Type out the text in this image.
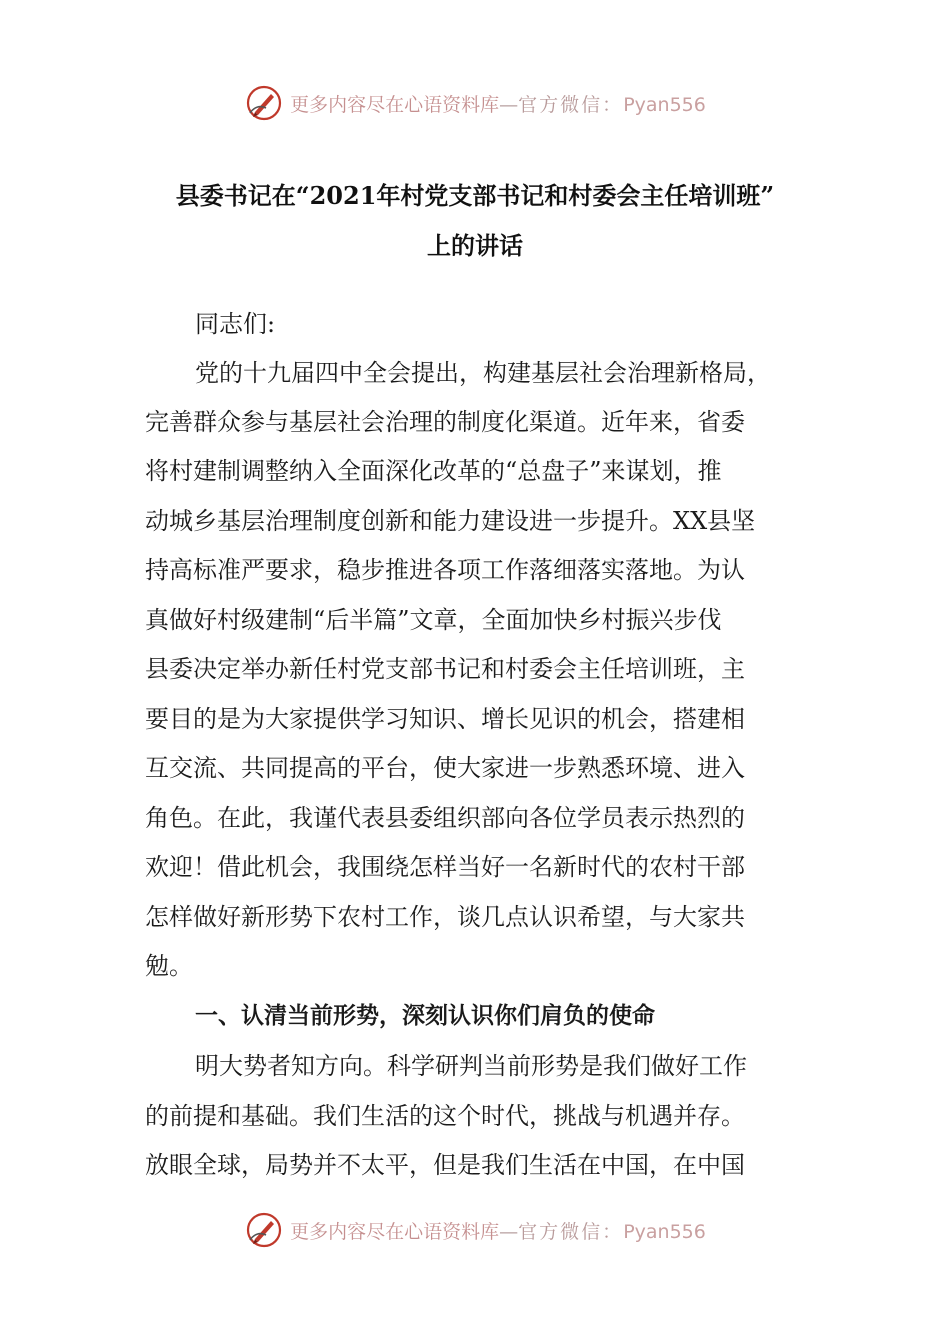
更多内容尽在心语资料库—官方微信：Pyan556
县委书记在“2021年村党支部书记和村委会主任培训班”
上的讲话
同志们:
党的十九届四中全会提出，构建基层社会治理新格局，
完善群众参与基层社会治理的制度化渠道。近年来，省委
将村建制调整纳入全面深化改革的“总盘子”来谋划，推
动城乡基层治理制度创新和能力建设进一步提升。XX县坚
持高标准严要求，稳步推进各项工作落细落实落地。为认
真做好村级建制“后半篇”文章，全面加快乡村振兴步伐
县委决定举办新任村党支部书记和村委会主任培训班，主
要目的是为大家提供学习知识、增长见识的机会，搭建相
互交流、共同提高的平台，使大家进一步熟悉环境、进入
角色。在此，我谨代表县委组织部向各位学员表示热烈的
欢迎！借此机会，我围绕怎样当好一名新时代的农村干部
怎样做好新形势下农村工作，谈几点认识希望，与大家共
勉。
一、认清当前形势，深刻认识你们肩负的使命
明大势者知方向。科学研判当前形势是我们做好工作
的前提和基础。我们生活的这个时代，挑战与机遇并存。
放眼全球，局势并不太平，但是我们生活在中国，在中国
更多内容尽在心语资料库—官方微信：Pyan556
